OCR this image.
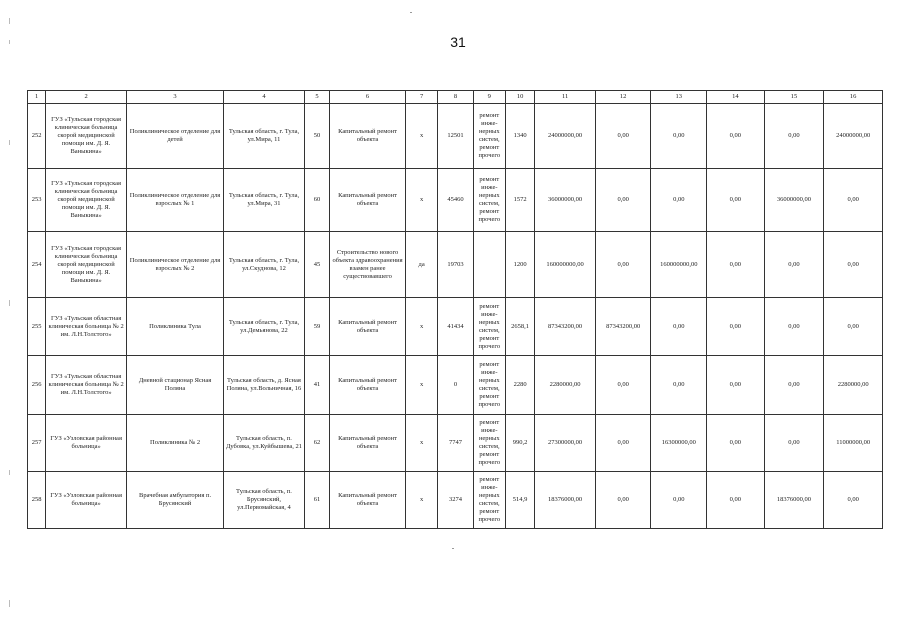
31
1	2	3	4	5	6	7	8	9	10	11	12	13	14	15	16
252	ГУЗ «Тульская городская клиническая больница скорой медицинской помощи им. Д. Я. Ваныкина»	Поликлиническое отделение для детей	Тульская область, г. Тула, ул.Мира, 11	50	Капитальный ремонт объекта	х	12501	ремонт инже-нерных систем, ремонт прочего	1340	24000000,00	0,00	0,00	0,00	0,00	24000000,00
253	ГУЗ «Тульская городская клиническая больница скорой медицинской помощи им. Д. Я. Ваныкина»	Поликлиническое отделение для взрослых № 1	Тульская область, г. Тула, ул.Мира, 31	60	Капитальный ремонт объекта	х	45460	ремонт инже-нерных систем, ремонт прочего	1572	36000000,00	0,00	0,00	0,00	36000000,00	0,00
254	ГУЗ «Тульская городская клиническая больница скорой медицинской помощи им. Д. Я. Ваныкина»	Поликлиническое отделение для взрослых № 2	Тульская область, г. Тула, ул.Скуднова, 12	45	Строительство нового объекта здравоохранения взамен ранее существовавшего	да	19703		1200	160000000,00	0,00	160000000,00	0,00	0,00	0,00
255	ГУЗ «Тульская областная клиническая больница № 2 им. Л.Н.Толстого»	Поликлиника Тула	Тульская область, г. Тула, ул.Демьянова, 22	59	Капитальный ремонт объекта	х	41434	ремонт инже-нерных систем, ремонт прочего	2658,1	87343200,00	87343200,00	0,00	0,00	0,00	0,00
256	ГУЗ «Тульская областная клиническая больница № 2 им. Л.Н.Толстого»	Дневной стационар Ясная Поляна	Тульская область, д. Ясная Поляна, ул.Вольничная, 16	41	Капитальный ремонт объекта	х	0	ремонт инже-нерных систем, ремонт прочего	2280	2280000,00	0,00	0,00	0,00	0,00	2280000,00
257	ГУЗ «Узловская районная больница»	Поликлиника № 2	Тульская область, п. Дубовка, ул.Куйбышева, 21	62	Капитальный ремонт объекта	х	7747	ремонт инже-нерных систем, ремонт прочего	990,2	27300000,00	0,00	16300000,00	0,00	0,00	11000000,00
258	ГУЗ «Узловская районная больница»	Врачебная амбулатория п. Брусянский	Тульская область, п. Брусянский, ул.Первомайская, 4	61	Капитальный ремонт объекта	х	3274	ремонт инже-нерных систем, ремонт прочего	514,9	18376000,00	0,00	0,00	0,00	18376000,00	0,00
